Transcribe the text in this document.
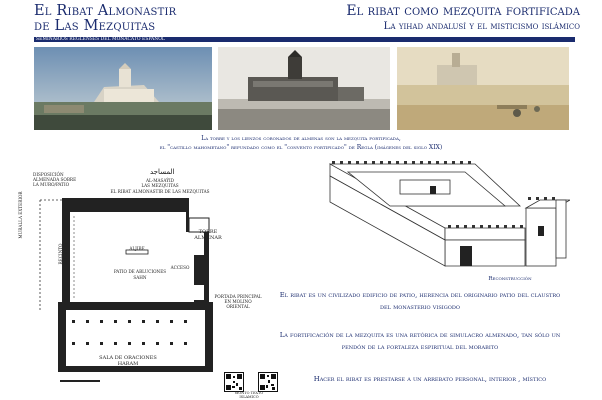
El Ribat Almonastir
de Las Mezquitas
El ribat como mezquita fortificada
La yihad andalusí y el misticismo islámico
SEMINARIOS REGLENSES DEL MONACATO ESPAÑOL
La torre y los lienzos coronados de almenas son la mezquita fortificada,
el "castillo mahometano" refundado como el "convento fortificado" de Regla (imágenes del siglo XIX)
المساجد
AL-MASAŶID
LAS MEZQUITAS
EL RIBAT ALMONASTIR DE LAS MEZQUITAS
DISPOSICIÓN ALMENADA SOBRE LA MURO/PATIO
ALJIBE
PATIO DE ABLUCIONES
SAHN
TORRE
ALMENAR
SALA DE ORACIONES
HARAM
ACCESO
PORTADA PRINCIPAL
EN MOLINO ORIENTAL
MURALLA EXTERIOR
RECINTO SAGRADO
Reconstrucción
El ribat es un civilizado edificio de patio, herencia del originario patio del claustro
del monasterio visigodo
La fortificación de la mezquita es una retórica de simulacro almenado, tan sólo un
pendón de la fortaleza espiritual del morabito
Hacer el ribat es prestarse a un arrebato personal, interior , místico
MONTO TEXTO
ISLAMICO
